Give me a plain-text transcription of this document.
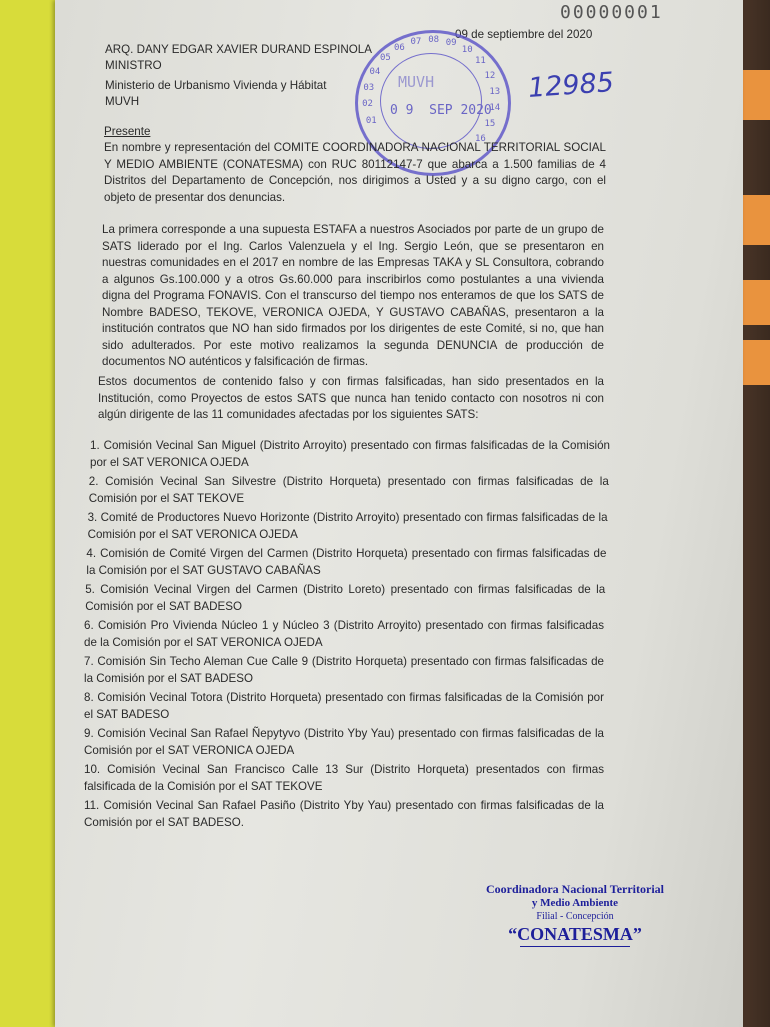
00000001
09 de septiembre del 2020
ARQ. DANY EDGAR XAVIER DURAND ESPINOLA
MINISTRO
Ministerio de Urbanismo Vivienda y Hábitat
MUVH
MUVH
0 9  SEP 2020
01
02
03
04
05
06
07 08 09
10
11
12
13
14
15
16
12985
Presente
En nombre y representación del COMITE COORDINADORA NACIONAL TERRITORIAL SOCIAL Y MEDIO AMBIENTE (CONATESMA) con RUC 80112147-7 que abarca a 1.500 familias de 4 Distritos del Departamento de Concepción, nos dirigimos a Usted y a su digno cargo, con el objeto de presentar dos denuncias.
La primera corresponde a una supuesta ESTAFA a nuestros Asociados por parte de un grupo de SATS liderado por el Ing. Carlos Valenzuela y el Ing. Sergio León, que se presentaron en nuestras comunidades en el 2017 en nombre de las Empresas TAKA y SL Consultora, cobrando a algunos Gs.100.000 y a otros Gs.60.000 para inscribirlos como postulantes a una vivienda digna del Programa FONAVIS. Con el transcurso del tiempo nos enteramos de que los SATS de Nombre BADESO, TEKOVE, VERONICA OJEDA, Y GUSTAVO CABAÑAS, presentaron a la institución contratos que NO han sido firmados por los dirigentes de este Comité, si no, que han sido adulterados. Por este motivo realizamos la segunda DENUNCIA de producción de documentos NO auténticos y falsificación de firmas.
Estos documentos de contenido falso y con firmas falsificadas, han sido presentados en la Institución, como Proyectos de estos SATS que nunca han tenido contacto con nosotros ni con algún dirigente de las 11 comunidades afectadas por los siguientes SATS:
1. Comisión Vecinal San Miguel (Distrito Arroyito) presentado con firmas falsificadas de la Comisión por el SAT VERONICA OJEDA
2. Comisión Vecinal San Silvestre (Distrito Horqueta) presentado con firmas falsificadas de la Comisión por el SAT TEKOVE
3. Comité de Productores Nuevo Horizonte (Distrito Arroyito) presentado con firmas falsificadas de la Comisión por el SAT VERONICA OJEDA
4. Comisión de Comité Virgen del Carmen (Distrito Horqueta) presentado con firmas falsificadas de la Comisión por el SAT GUSTAVO CABAÑAS
5. Comisión Vecinal Virgen del Carmen (Distrito Loreto) presentado con firmas falsificadas de la Comisión por el SAT BADESO
6. Comisión Pro Vivienda Núcleo 1 y Núcleo 3 (Distrito Arroyito) presentado con firmas falsificadas de la Comisión por el SAT VERONICA OJEDA
7. Comisión Sin Techo Aleman Cue Calle 9 (Distrito Horqueta) presentado con firmas falsificadas de la Comisión por el SAT BADESO
8. Comisión Vecinal Totora (Distrito Horqueta) presentado con firmas falsificadas de la Comisión por el SAT BADESO
9. Comisión Vecinal San Rafael Ñepytyvo (Distrito Yby Yau) presentado con firmas falsificadas de la Comisión por el SAT VERONICA OJEDA
10. Comisión Vecinal San Francisco Calle 13 Sur (Distrito Horqueta) presentados con firmas falsificada de la Comisión por el SAT TEKOVE
11. Comisión Vecinal San Rafael Pasiño (Distrito Yby Yau) presentado con firmas falsificadas de la Comisión por el SAT BADESO.
Coordinadora Nacional Territorial
y Medio Ambiente
Filial - Concepción
“CONATESMA”
